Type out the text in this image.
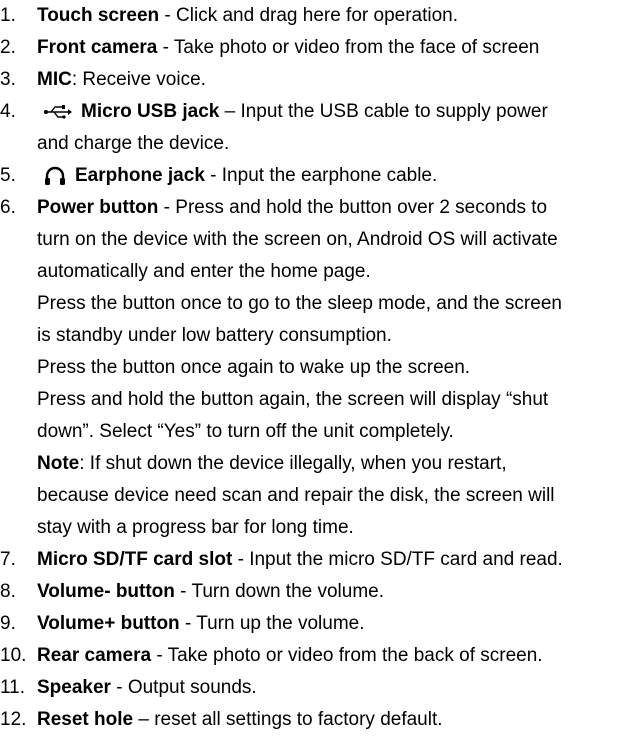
1. Touch screen - Click and drag here for operation.
2. Front camera - Take photo or video from the face of screen
3. MIC: Receive voice.
4.	Micro USB jack – Input the USB cable to supply power
and charge the device.
5.	Earphone jack - Input the earphone cable.
6. Power button - Press and hold the button over 2 seconds to
turn on the device with the screen on, Android OS will activate
automatically and enter the home page.
Press the button once to go to the sleep mode, and the screen
is standby under low battery consumption.
Press the button once again to wake up the screen.
Press and hold the button again, the screen will display “shut
down”. Select “Yes” to turn off the unit completely.
Note: If shut down the device illegally, when you restart,
because device need scan and repair the disk, the screen will
stay with a progress bar for long time.
7. Micro SD/TF card slot - Input the micro SD/TF card and read.
8. Volume- button - Turn down the volume.
9. Volume+ button - Turn up the volume.
10. Rear camera - Take photo or video from the back of screen.
11. Speaker - Output sounds.
12. Reset hole – reset all settings to factory default.
